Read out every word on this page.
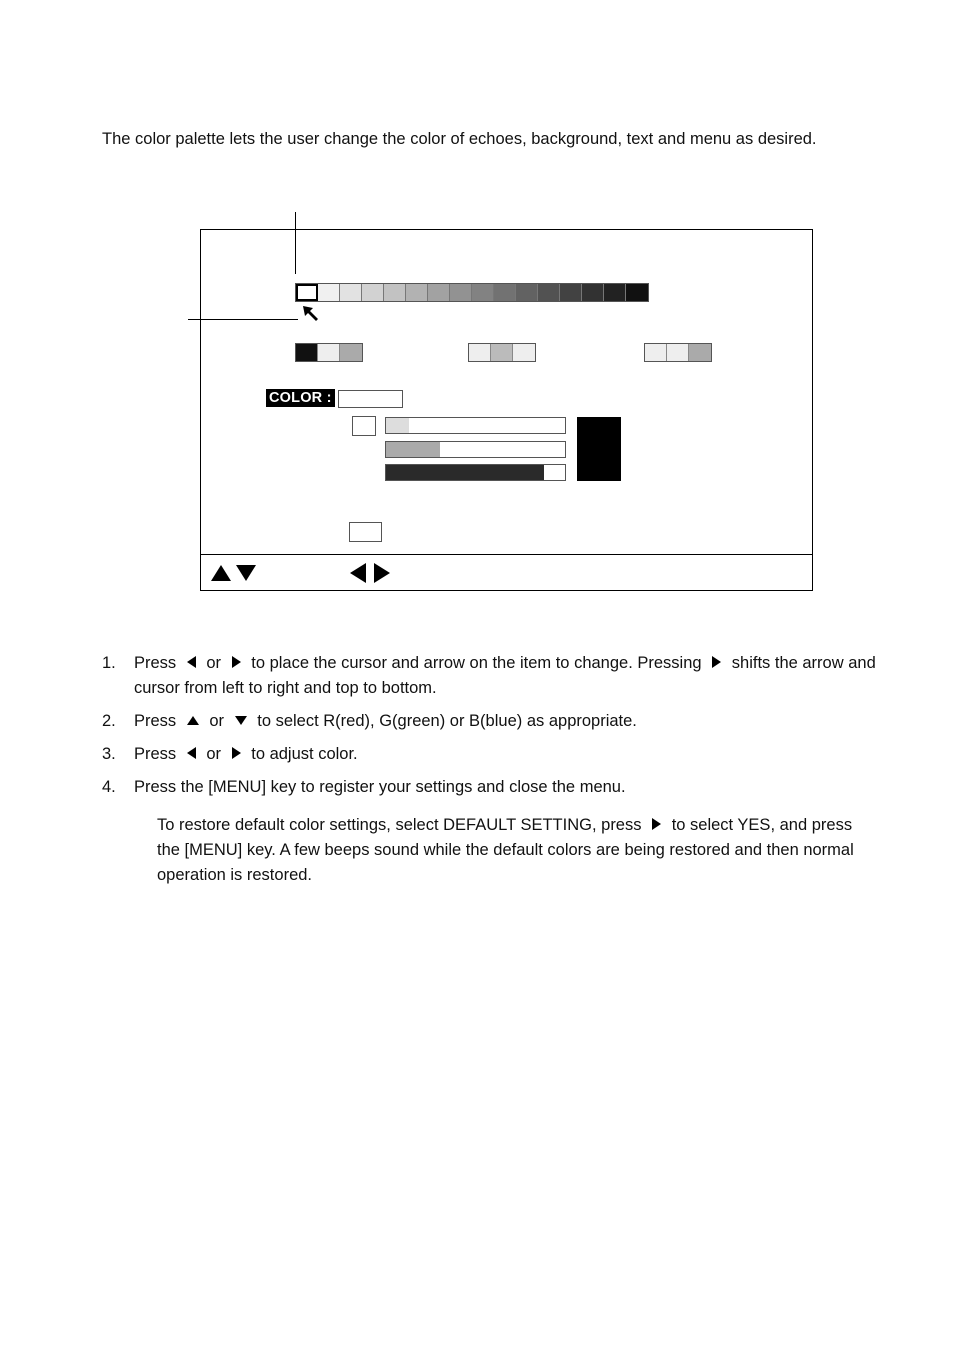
The color palette lets the user change the color of echoes, background, text and menu as desired.

COLOR :
1. Press or to place the cursor and arrow on the item to change. Pressing shifts the arrow and cursor from left to right and top to bottom.
2. Press or to select R(red), G(green) or B(blue) as appropriate.
3. Press or to adjust color.
4. Press the [MENU] key to register your settings and close the menu.

To restore default color settings, select DEFAULT SETTING, press to select YES, and press the [MENU] key. A few beeps sound while the default colors are being restored and then normal operation is restored.
